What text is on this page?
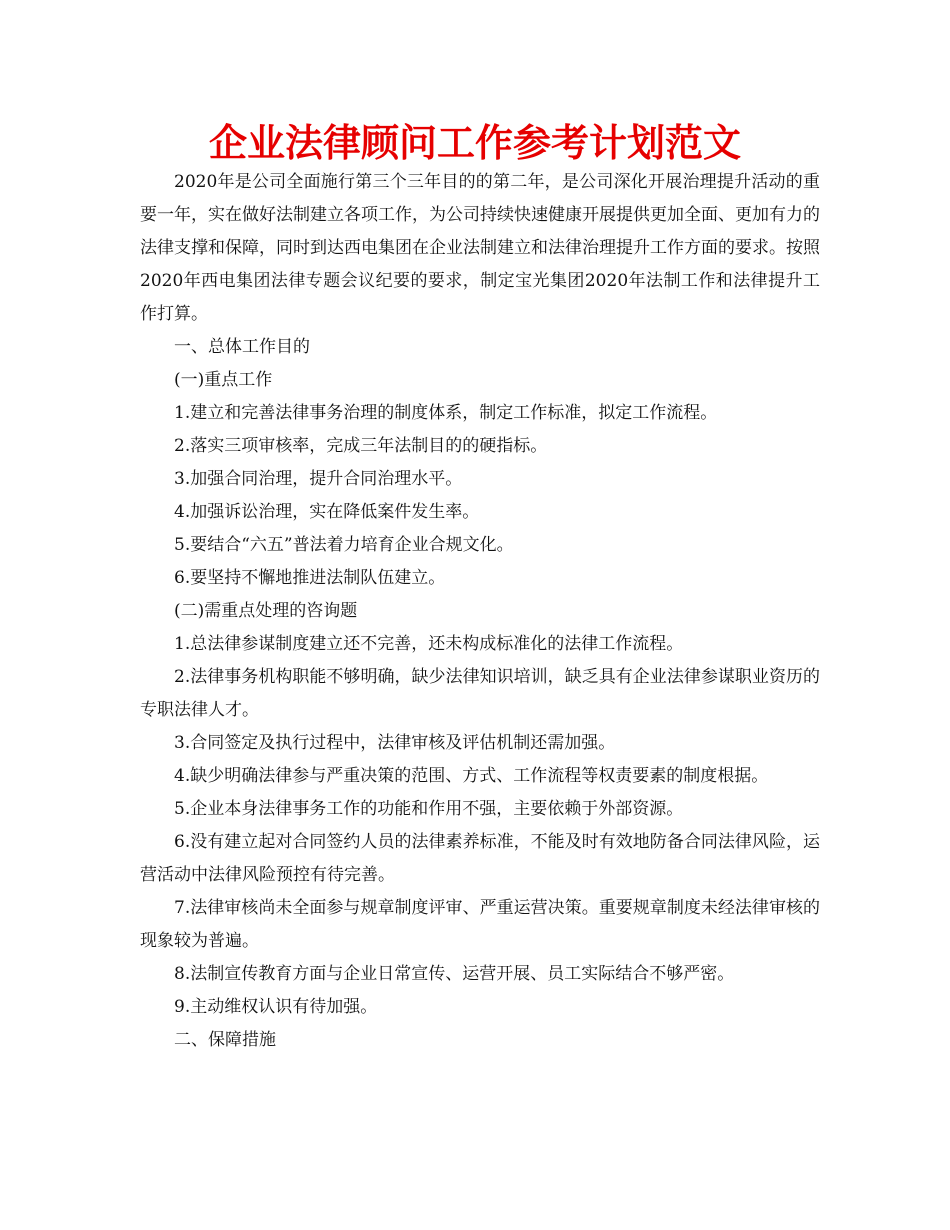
企业法律顾问工作参考计划范文

2020年是公司全面施行第三个三年目的的第二年，是公司深化开展治理提升活动的重要一年，实在做好法制建立各项工作，为公司持续快速健康开展提供更加全面、更加有力的法律支撑和保障，同时到达西电集团在企业法制建立和法律治理提升工作方面的要求。按照2020年西电集团法律专题会议纪要的要求，制定宝光集团2020年法制工作和法律提升工作打算。

一、总体工作目的

(一)重点工作

1.建立和完善法律事务治理的制度体系，制定工作标准，拟定工作流程。

2.落实三项审核率，完成三年法制目的的硬指标。

3.加强合同治理，提升合同治理水平。

4.加强诉讼治理，实在降低案件发生率。

5.要结合“六五”普法着力培育企业合规文化。

6.要坚持不懈地推进法制队伍建立。

(二)需重点处理的咨询题

1.总法律参谋制度建立还不完善，还未构成标准化的法律工作流程。

2.法律事务机构职能不够明确，缺少法律知识培训，缺乏具有企业法律参谋职业资历的专职法律人才。

3.合同签定及执行过程中，法律审核及评估机制还需加强。

4.缺少明确法律参与严重决策的范围、方式、工作流程等权责要素的制度根据。

5.企业本身法律事务工作的功能和作用不强，主要依赖于外部资源。

6.没有建立起对合同签约人员的法律素养标准，不能及时有效地防备合同法律风险，运营活动中法律风险预控有待完善。

7.法律审核尚未全面参与规章制度评审、严重运营决策。重要规章制度未经法律审核的现象较为普遍。

8.法制宣传教育方面与企业日常宣传、运营开展、员工实际结合不够严密。

9.主动维权认识有待加强。

二、保障措施
